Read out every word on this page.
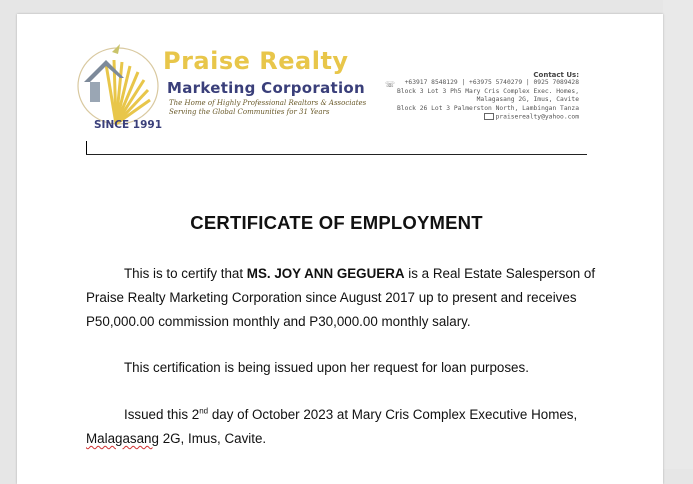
Praise Realty
Marketing Corporation
The Home of Highly Professional Realtors & Associates
Serving the Global Communities for 31 Years
SINCE 1991
☏
Contact Us:
+63917 8548129 | +63975 5740279 | 0925 7089428
Block 3 Lot 3 Ph5 Mary Cris Complex Exec. Homes,
Malagasang 2G, Imus, Cavite
Block 26 Lot 3 Palmerston North, Lambingan Tanza
praiserealty@yahoo.com
CERTIFICATE OF EMPLOYMENT
This is to certify that MS. JOY ANN GEGUERA is a Real Estate Salesperson of Praise Realty Marketing Corporation since August 2017 up to present and receives P50,000.00 commission monthly and P30,000.00 monthly salary.
This certification is being issued upon her request for loan purposes.
Issued this 2nd day of October 2023 at Mary Cris Complex Executive Homes, Malagasang 2G, Imus, Cavite.
